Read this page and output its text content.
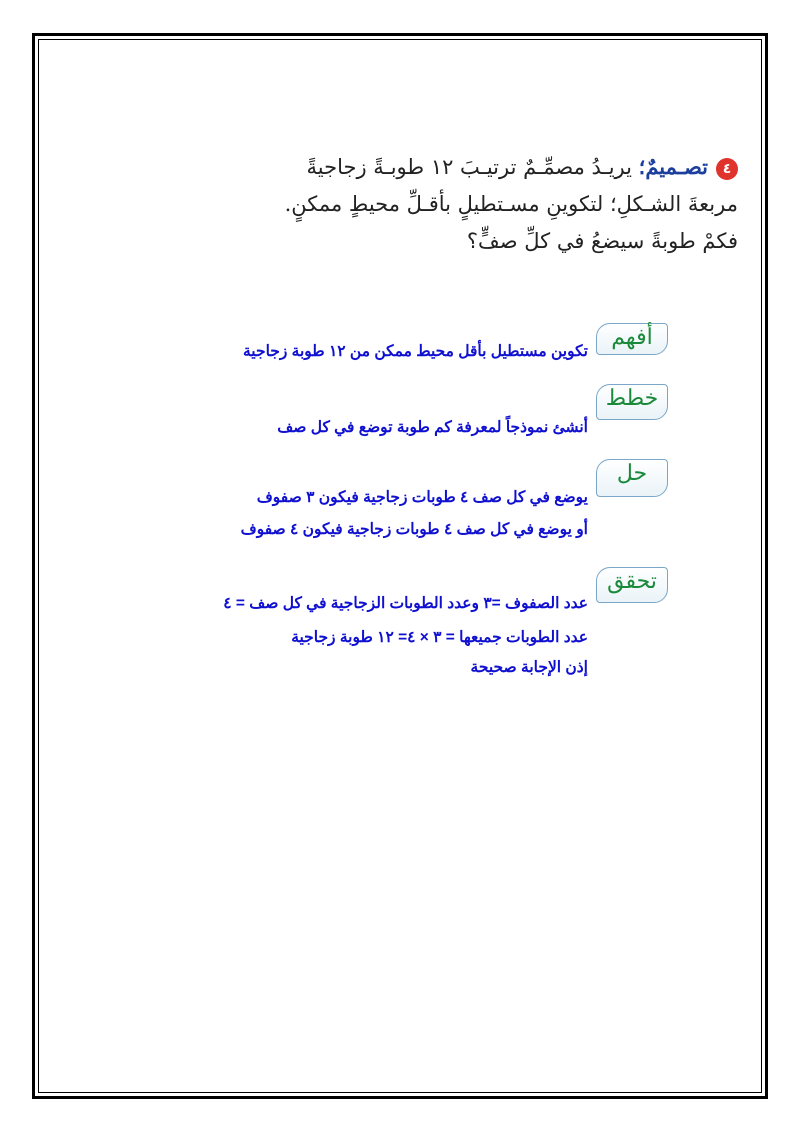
٤تصـميمٌ؛ يريـدُ مصمِّـمٌ ترتيـبَ ١٢ طوبـةً زجاجيةً
مربعةَ الشـكلِ؛ لتكوينِ مسـتطيلٍ بأقـلِّ محيطٍ ممكنٍ.
فكمْ طوبةً سيضعُ في كلِّ صفٍّ؟
أفهم
تكوين مستطيل بأقل محيط ممكن من ١٢ طوبة زجاجية
خطط
أنشئ نموذجاً لمعرفة كم طوبة توضع في كل صف
حل
يوضع في كل صف ٤ طوبات زجاجية فيكون ٣ صفوف
أو يوضع في كل صف ٤ طوبات زجاجية فيكون ٤ صفوف
تحقق
عدد الصفوف =٣ وعدد الطوبات الزجاجية في كل صف = ٤
عدد الطوبات جميعها = ٣ × ٤= ١٢ طوبة زجاجية
إذن الإجابة صحيحة
